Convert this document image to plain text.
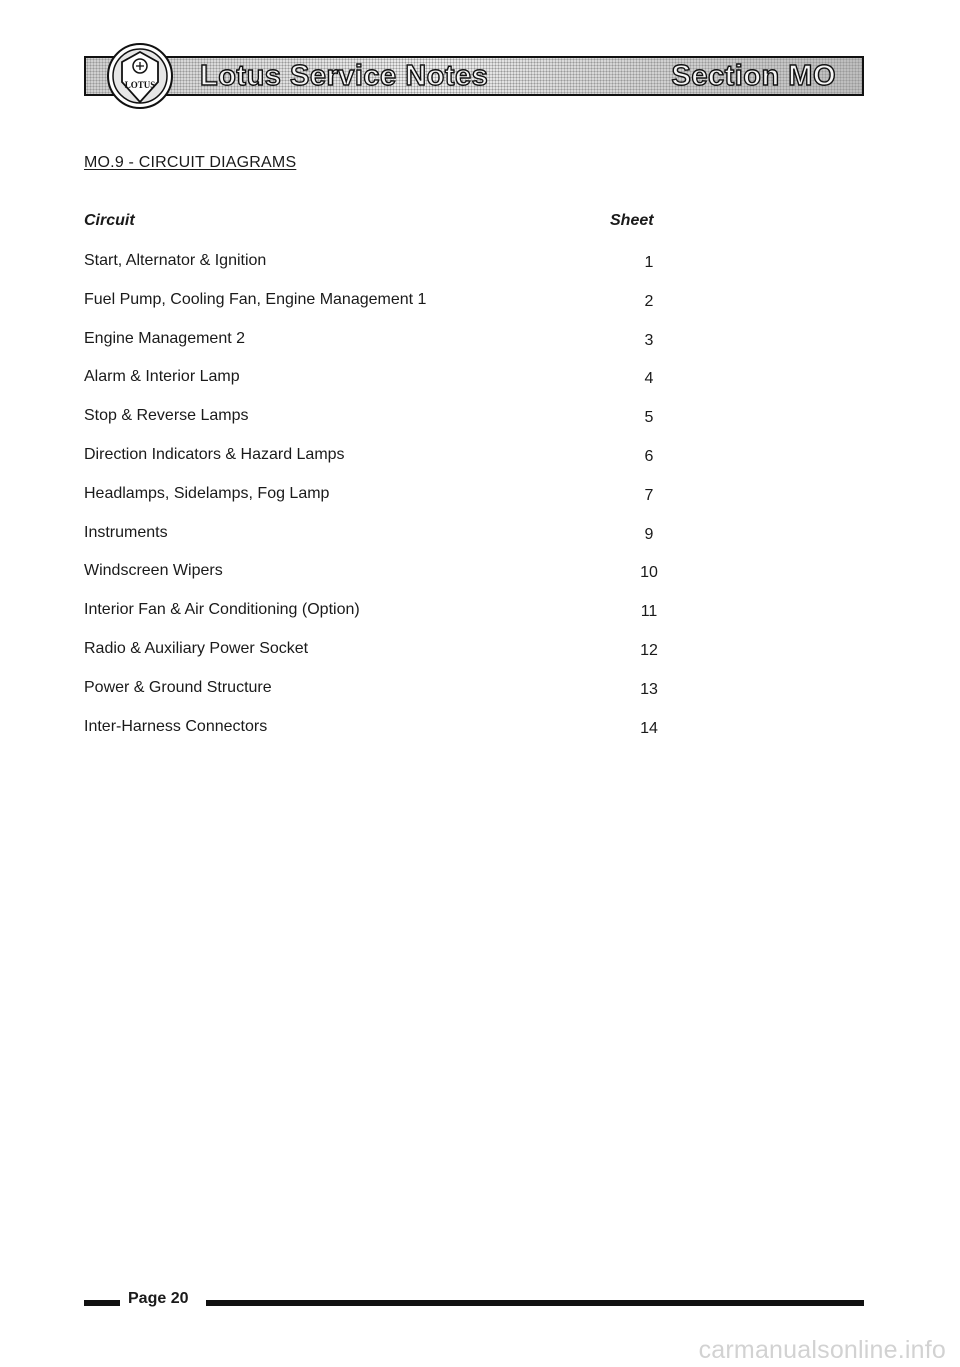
Lotus Service Notes	Section MO
LOTUS
MO.9 - CIRCUIT DIAGRAMS
Circuit	Sheet
Start, Alternator & Ignition	1
Fuel Pump, Cooling Fan, Engine Management 1	2
Engine Management 2	3
Alarm & Interior Lamp	4
Stop & Reverse Lamps	5
Direction Indicators & Hazard Lamps	6
Headlamps, Sidelamps, Fog Lamp	7
Instruments	9
Windscreen Wipers	10
Interior Fan & Air Conditioning (Option)	11
Radio & Auxiliary Power Socket	12
Power & Ground Structure	13
Inter-Harness Connectors	14
Page 20
carmanualsonline.info
